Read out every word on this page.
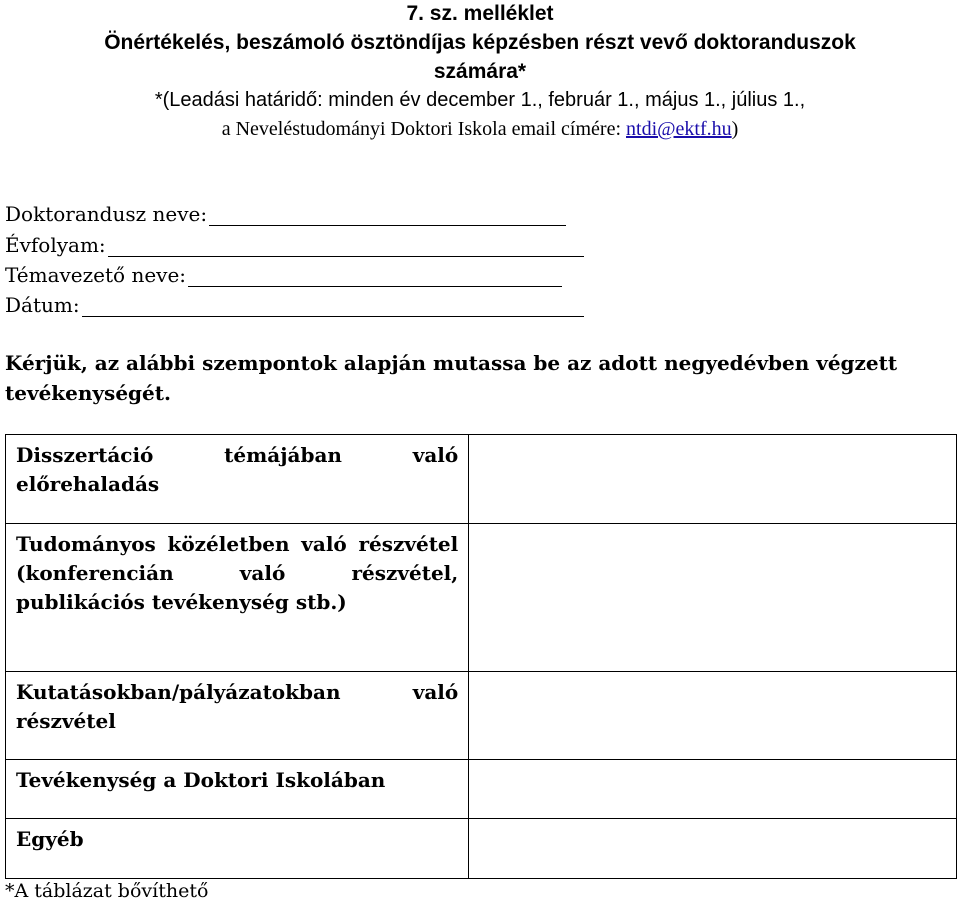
7. sz. melléklet
Önértékelés, beszámoló ösztöndíjas képzésben részt vevő doktoranduszok
számára*
*(Leadási határidő: minden év december 1., február 1., május 1., július 1.,
a Neveléstudományi Doktori Iskola email címére: ntdi@ektf.hu)
Doktorandusz neve:
Évfolyam:
Témavezető neve:
Dátum:
Kérjük, az alábbi szempontok alapján mutassa be az adott negyedévben végzett tevékenységét.
Disszertáció témájában való előrehaladás	
Tudományos közéletben való részvétel (konferencián való részvétel, publikációs tevékenység stb.)	
Kutatásokban/pályázatokban való részvétel	
Tevékenység a Doktori Iskolában	
Egyéb	
*A táblázat bővíthető
